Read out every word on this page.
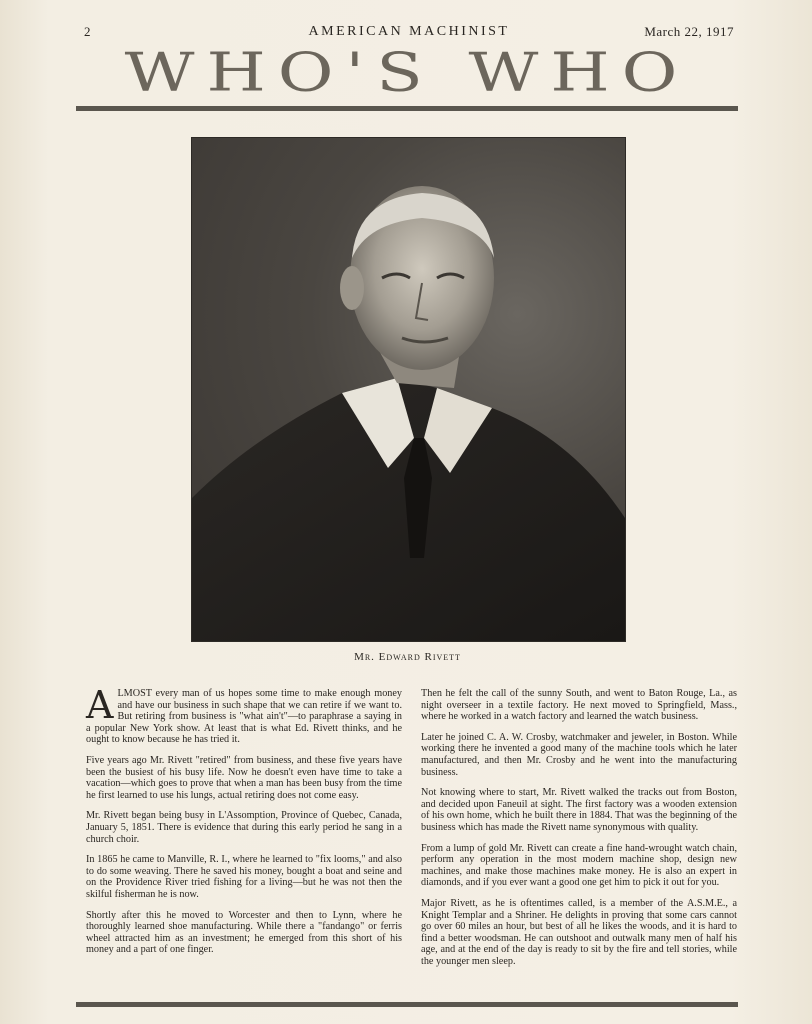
2	AMERICAN MACHINIST	March 22, 1917
WHO'S WHO
Mr. Edward Rivett

ALMOST every man of us hopes some time to make enough money and have our business in such shape that we can retire if we want to. But retiring from business is "what ain't"—to paraphrase a saying in a popular New York show. At least that is what Ed. Rivett thinks, and he ought to know because he has tried it.

Five years ago Mr. Rivett "retired" from business, and these five years have been the busiest of his busy life. Now he doesn't even have time to take a vacation—which goes to prove that when a man has been busy from the time he first learned to use his lungs, actual retiring does not come easy.

Mr. Rivett began being busy in L'Assomption, Province of Quebec, Canada, January 5, 1851. There is evidence that during this early period he sang in a church choir.

In 1865 he came to Manville, R. I., where he learned to "fix looms," and also to do some weaving. There he saved his money, bought a boat and seine and on the Providence River tried fishing for a living—but he was not then the skilful fisherman he is now.

Shortly after this he moved to Worcester and then to Lynn, where he thoroughly learned shoe manufacturing. While there a "fandango" or ferris wheel attracted him as an investment; he emerged from this short of his money and a part of one finger.

Then he felt the call of the sunny South, and went to Baton Rouge, La., as night overseer in a textile factory. He next moved to Springfield, Mass., where he worked in a watch factory and learned the watch business.

Later he joined C. A. W. Crosby, watchmaker and jeweler, in Boston. While working there he invented a good many of the machine tools which he later manufactured, and then Mr. Crosby and he went into the manufacturing business.

Not knowing where to start, Mr. Rivett walked the tracks out from Boston, and decided upon Faneuil at sight. The first factory was a wooden extension of his own home, which he built there in 1884. That was the beginning of the business which has made the Rivett name synonymous with quality.

From a lump of gold Mr. Rivett can create a fine hand-wrought watch chain, perform any operation in the most modern machine shop, design new machines, and make those machines make money. He is also an expert in diamonds, and if you ever want a good one get him to pick it out for you.

Major Rivett, as he is oftentimes called, is a member of the A.S.M.E., a Knight Templar and a Shriner. He delights in proving that some cars cannot go over 60 miles an hour, but best of all he likes the woods, and it is hard to find a better woodsman. He can outshoot and outwalk many men of half his age, and at the end of the day is ready to sit by the fire and tell stories, while the younger men sleep.
